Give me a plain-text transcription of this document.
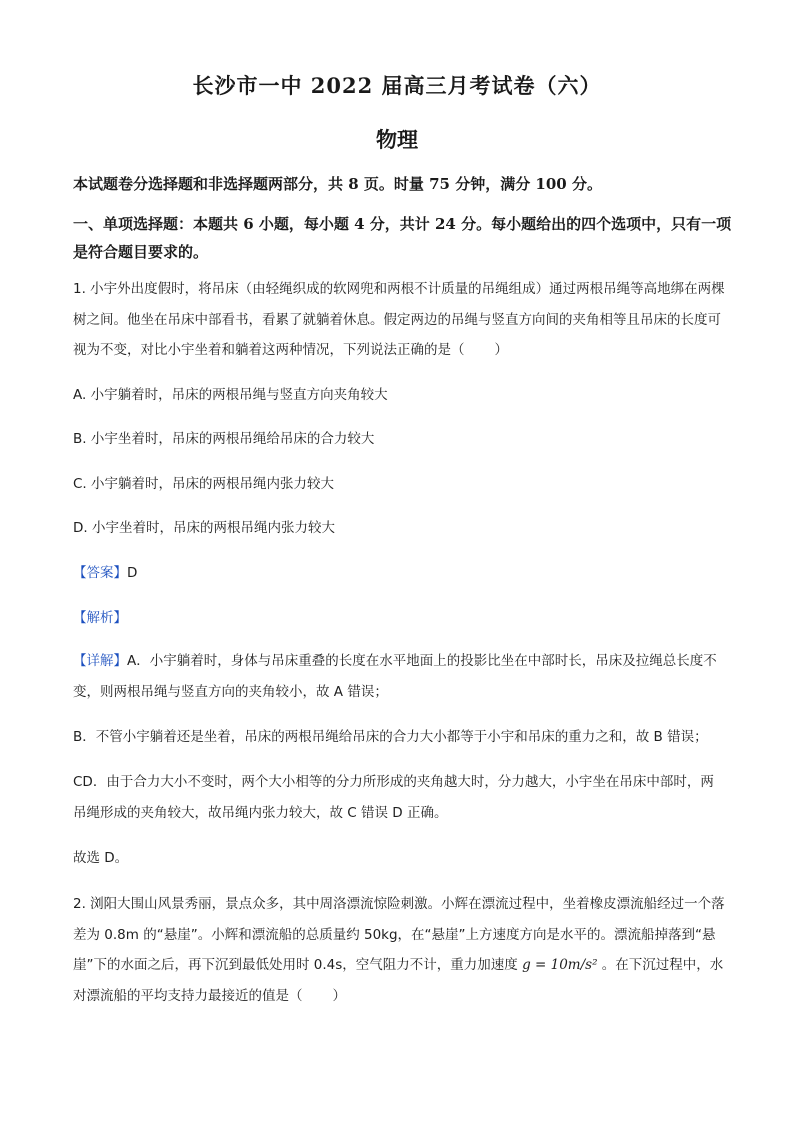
长沙市一中 2022 届高三月考试卷（六）
物理
本试题卷分选择题和非选择题两部分，共 8 页。时量 75 分钟，满分 100 分。
一、单项选择题：本题共 6 小题，每小题 4 分，共计 24 分。每小题给出的四个选项中，只有一项是符合题目要求的。
1. 小宇外出度假时，将吊床（由轻绳织成的软网兜和两根不计质量的吊绳组成）通过两根吊绳等高地绑在两棵树之间。他坐在吊床中部看书，看累了就躺着休息。假定两边的吊绳与竖直方向间的夹角相等且吊床的长度可视为不变，对比小宇坐着和躺着这两种情况，下列说法正确的是（ ）
A. 小宇躺着时，吊床的两根吊绳与竖直方向夹角较大
B. 小宇坐着时，吊床的两根吊绳给吊床的合力较大
C. 小宇躺着时，吊床的两根吊绳内张力较大
D. 小宇坐着时，吊床的两根吊绳内张力较大
【答案】D
【解析】
【详解】A．小宇躺着时，身体与吊床重叠的长度在水平地面上的投影比坐在中部时长，吊床及拉绳总长度不变，则两根吊绳与竖直方向的夹角较小，故 A 错误；
B．不管小宇躺着还是坐着，吊床的两根吊绳给吊床的合力大小都等于小宇和吊床的重力之和，故 B 错误；
CD．由于合力大小不变时，两个大小相等的分力所形成的夹角越大时，分力越大，小宇坐在吊床中部时，两吊绳形成的夹角较大，故吊绳内张力较大，故 C 错误 D 正确。
故选 D。
2. 浏阳大围山风景秀丽，景点众多，其中周洛漂流惊险刺激。小辉在漂流过程中，坐着橡皮漂流船经过一个落差为 0.8m 的“悬崖”。小辉和漂流船的总质量约 50kg，在“悬崖”上方速度方向是水平的。漂流船掉落到“悬崖”下的水面之后，再下沉到最低处用时 0.4s，空气阻力不计，重力加速度 g = 10m/s² 。在下沉过程中，水对漂流船的平均支持力最接近的值是（ ）
